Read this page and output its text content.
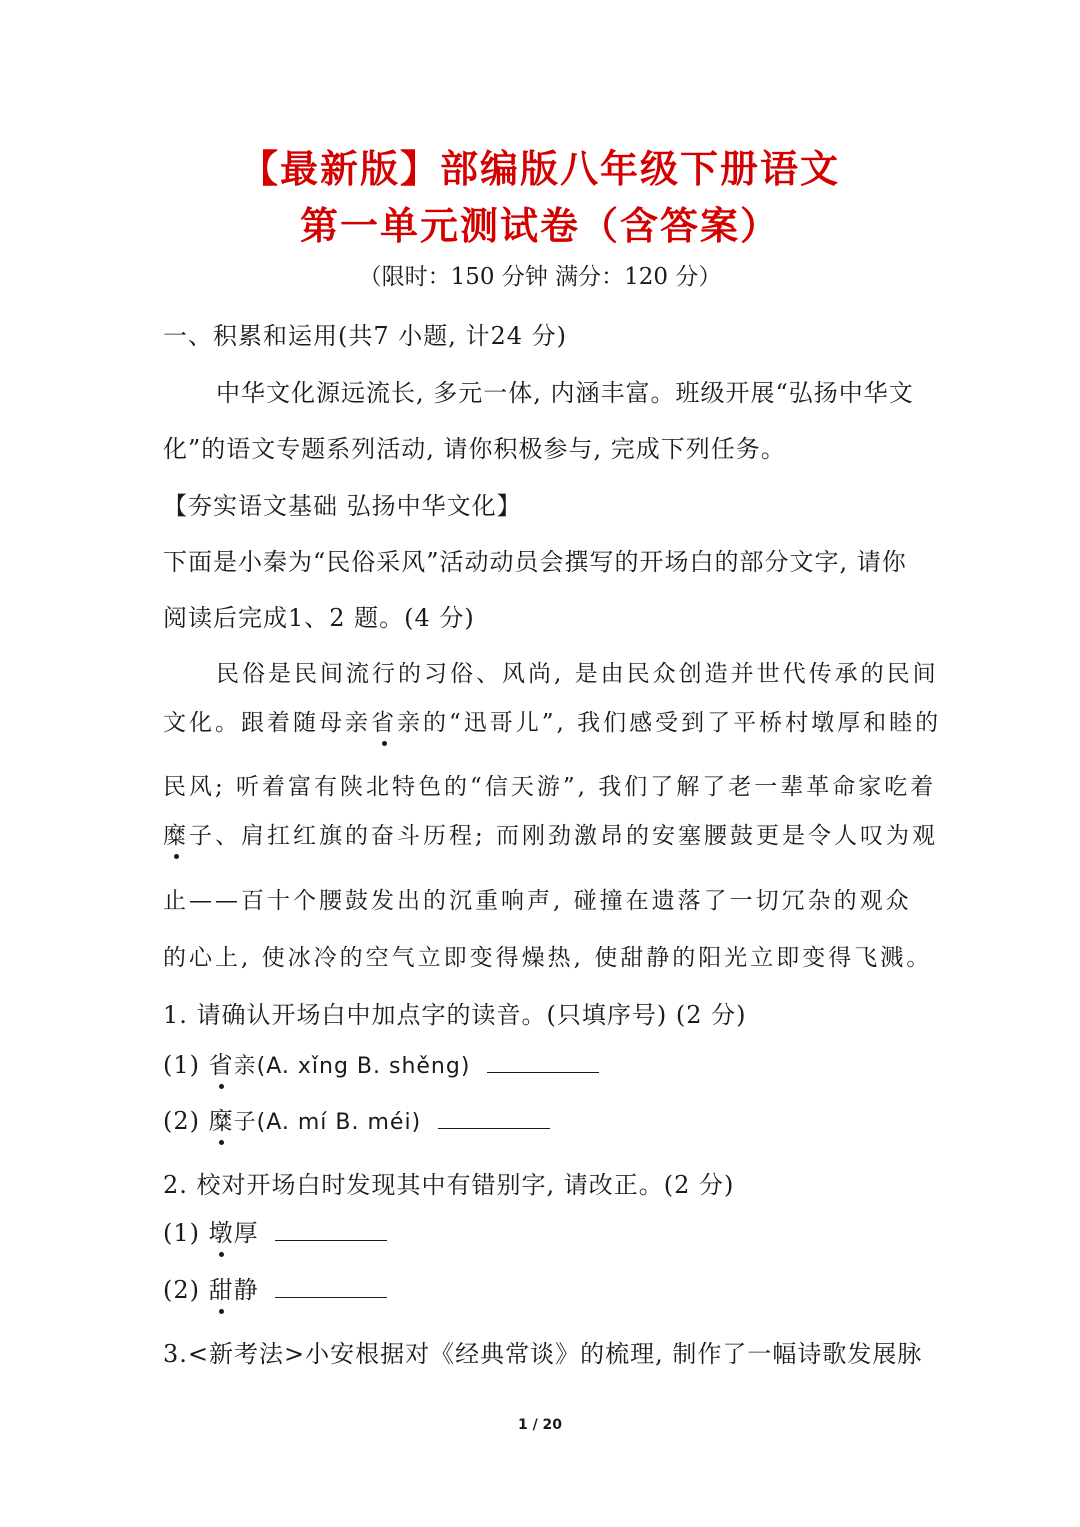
【最新版】部编版八年级下册语文
第一单元测试卷（含答案）
（限时：150 分钟 满分：120 分）
一、积累和运用(共7 小题, 计24 分)
中华文化源远流长, 多元一体, 内涵丰富。班级开展“弘扬中华文
化”的语文专题系列活动, 请你积极参与, 完成下列任务。
【夯实语文基础 弘扬中华文化】
下面是小秦为“民俗采风”活动动员会撰写的开场白的部分文字, 请你
阅读后完成1、2 题。(4 分)
民俗是民间流行的习俗、风尚, 是由民众创造并世代传承的民间
文化。跟着随母亲省亲的“迅哥儿”, 我们感受到了平桥村墩厚和睦的
民风; 听着富有陕北特色的“信天游”, 我们了解了老一辈革命家吃着
糜子、肩扛红旗的奋斗历程; 而刚劲激昂的安塞腰鼓更是令人叹为观
止——百十个腰鼓发出的沉重响声, 碰撞在遗落了一切冗杂的观众
的心上, 使冰冷的空气立即变得燥热, 使甜静的阳光立即变得飞溅。
1. 请确认开场白中加点字的读音。(只填序号) (2 分)
(1) 省亲(A. xǐng B. shěng)
(2) 糜子(A. mí B. méi)
2. 校对开场白时发现其中有错别字, 请改正。(2 分)
(1) 墩厚
(2) 甜静
3.<新考法>小安根据对《经典常谈》的梳理, 制作了一幅诗歌发展脉
1 / 20
